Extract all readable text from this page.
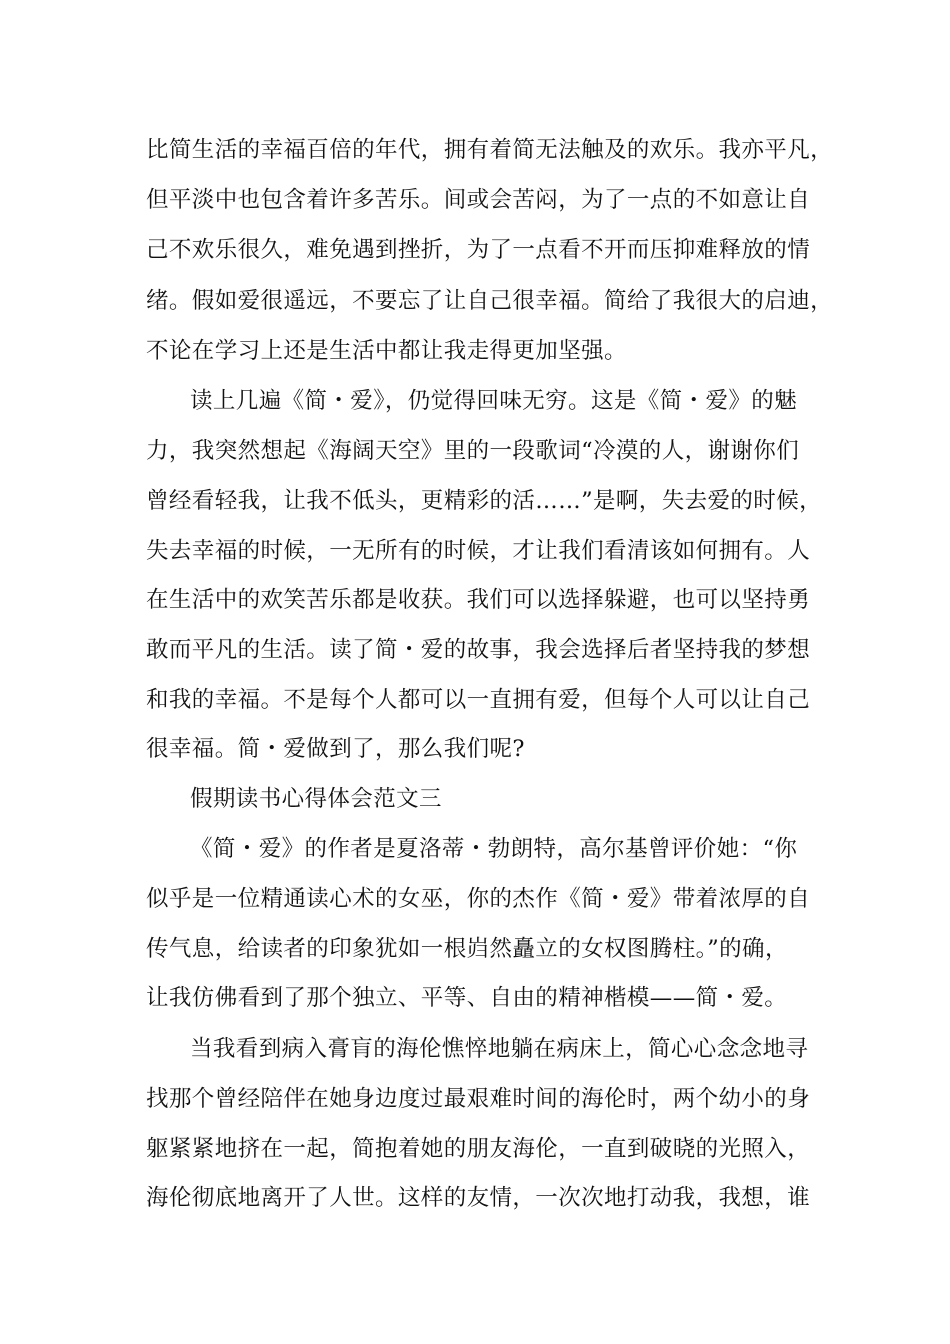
比简生活的幸福百倍的年代，拥有着简无法触及的欢乐。我亦平凡，
但平淡中也包含着许多苦乐。间或会苦闷，为了一点的不如意让自
己不欢乐很久，难免遇到挫折，为了一点看不开而压抑难释放的情
绪。假如爱很遥远，不要忘了让自己很幸福。简给了我很大的启迪，
不论在学习上还是生活中都让我走得更加坚强。
读上几遍《简・爱》，仍觉得回味无穷。这是《简・爱》的魅
力，我突然想起《海阔天空》里的一段歌词“冷漠的人，谢谢你们
曾经看轻我，让我不低头，更精彩的活……”是啊，失去爱的时候，
失去幸福的时候，一无所有的时候，才让我们看清该如何拥有。人
在生活中的欢笑苦乐都是收获。我们可以选择躲避，也可以坚持勇
敢而平凡的生活。读了简・爱的故事，我会选择后者坚持我的梦想
和我的幸福。不是每个人都可以一直拥有爱，但每个人可以让自己
很幸福。简・爱做到了，那么我们呢?
假期读书心得体会范文三
《简・爱》的作者是夏洛蒂・勃朗特，高尔基曾评价她：“你
似乎是一位精通读心术的女巫，你的杰作《简・爱》带着浓厚的自
传气息，给读者的印象犹如一根岿然矗立的女权图腾柱。”的确，
让我仿佛看到了那个独立、平等、自由的精神楷模——简・爱。
当我看到病入膏肓的海伦憔悴地躺在病床上，简心心念念地寻
找那个曾经陪伴在她身边度过最艰难时间的海伦时，两个幼小的身
躯紧紧地挤在一起，简抱着她的朋友海伦，一直到破晓的光照入，
海伦彻底地离开了人世。这样的友情，一次次地打动我，我想，谁
